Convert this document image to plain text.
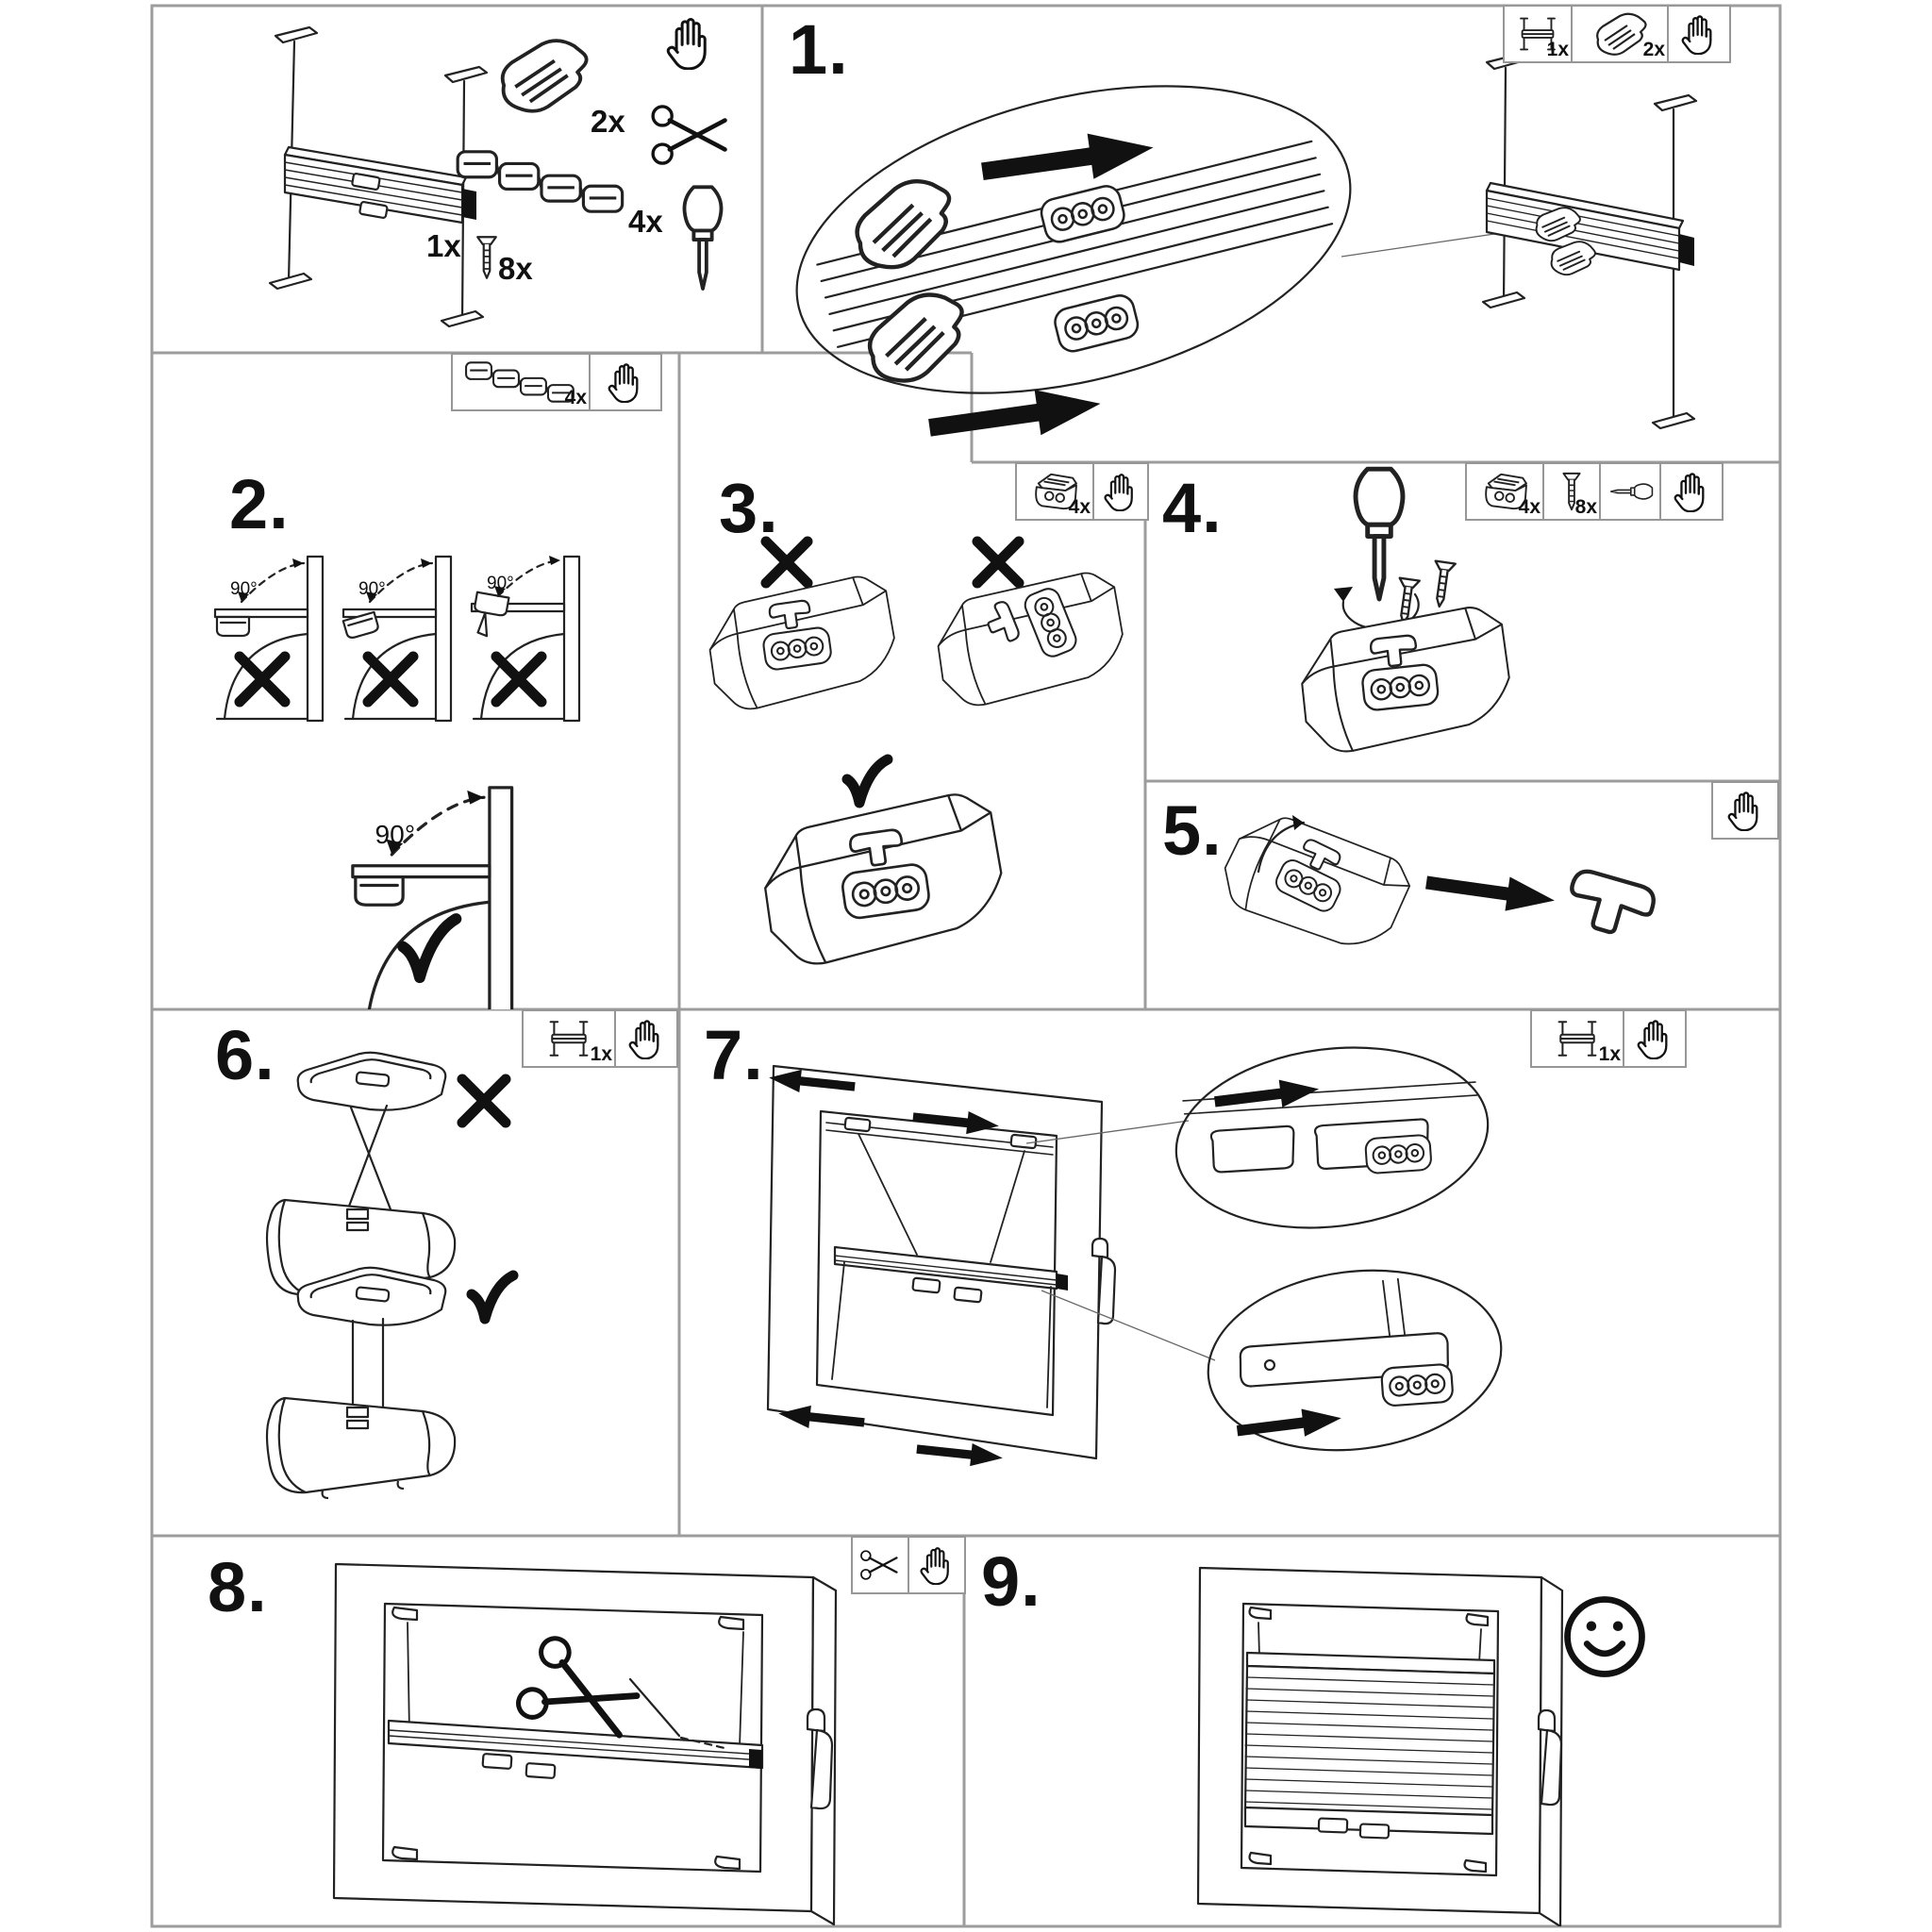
1x
2x
4x
8x
1.	1x	2x
2.
90°	90°	90°
90°
4x
3.	4x 4.	4x 8x
5.
6.	1x 7.	1x
8.	9.
